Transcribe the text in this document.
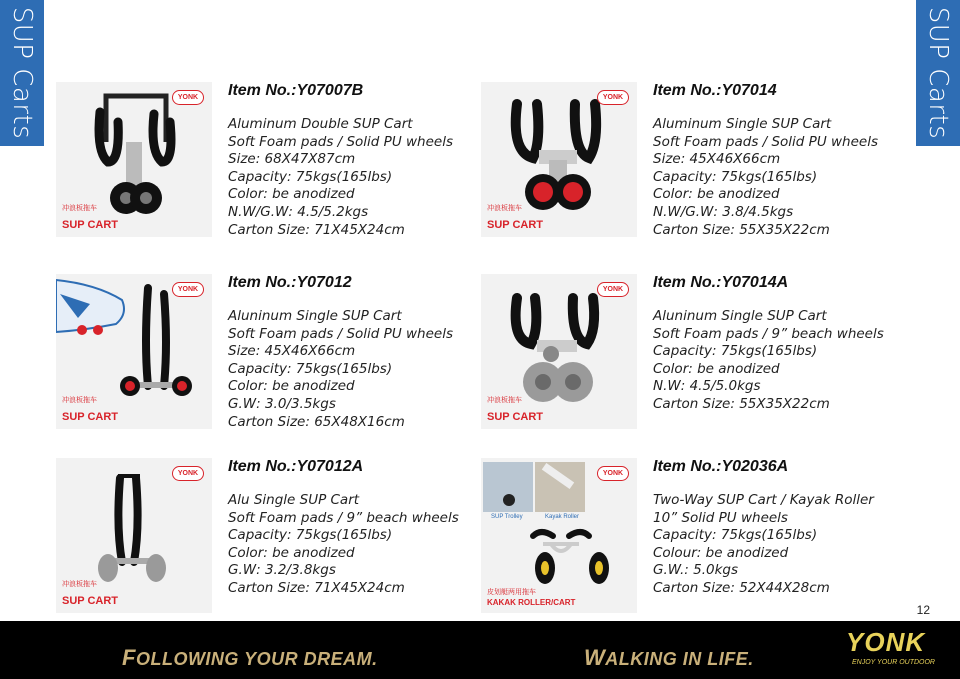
SUP Carts	SUP Carts
YONK
冲浪板拖车
SUP CART
Item No.:Y07007B
Aluminum Double SUP Cart
Soft Foam pads / Solid PU wheels
Size: 68X47X87cm
Capacity: 75kgs(165lbs)
Color: be anodized
N.W/G.W: 4.5/5.2kgs
Carton Size: 71X45X24cm
YONK
冲浪板拖车
SUP CART
Item No.:Y07014
Aluminum Single SUP Cart
Soft Foam pads / Solid PU wheels
Size: 45X46X66cm
Capacity: 75kgs(165lbs)
Color: be anodized
N.W/G.W: 3.8/4.5kgs
Carton Size: 55X35X22cm
YONK
冲浪板拖车
SUP CART
Item No.:Y07012
Aluninum Single SUP Cart
Soft Foam pads / Solid PU wheels
Size: 45X46X66cm
Capacity: 75kgs(165lbs)
Color: be anodized
G.W: 3.0/3.5kgs
Carton Size: 65X48X16cm
YONK
冲浪板拖车
SUP CART
Item No.:Y07014A
Aluninum Single SUP Cart
Soft Foam pads / 9” beach wheels
Capacity: 75kgs(165lbs)
Color: be anodized
N.W: 4.5/5.0kgs
Carton Size: 55X35X22cm
YONK
冲浪板拖车
SUP CART
Item No.:Y07012A
Alu Single SUP Cart
Soft Foam pads / 9” beach wheels
Capacity: 75kgs(165lbs)
Color: be anodized
G.W: 3.2/3.8kgs
Carton Size: 71X45X24cm
YONK
SUP Trolley	Kayak Roller
皮划艇两用拖车
KAKAK ROLLER/CART
Item No.:Y02036A
Two-Way SUP Cart / Kayak Roller
10” Solid PU wheels
Capacity: 75kgs(165lbs)
Colour: be anodized
G.W.: 5.0kgs
Carton Size: 52X44X28cm
12
FOLLOWING YOUR DREAM.	WALKING IN LIFE.
YONK
ENJOY YOUR OUTDOOR
